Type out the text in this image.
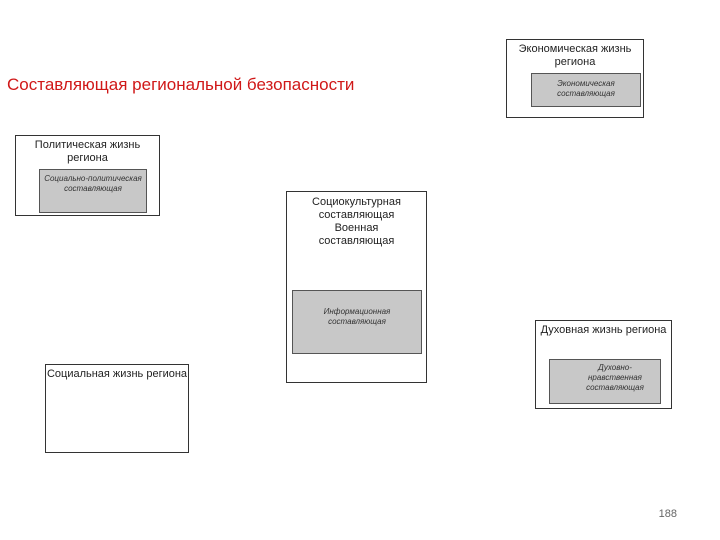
Составляющая региональной безопасности
Экономическая жизнь региона
Экономическая составляющая
Политическая жизнь региона
Социально-политическая составляющая
Социокультурная составляющая Военная составляющая
Информационная составляющая
Социальная жизнь региона
Духовная жизнь региона
Духовно-нравственная составляющая
188
